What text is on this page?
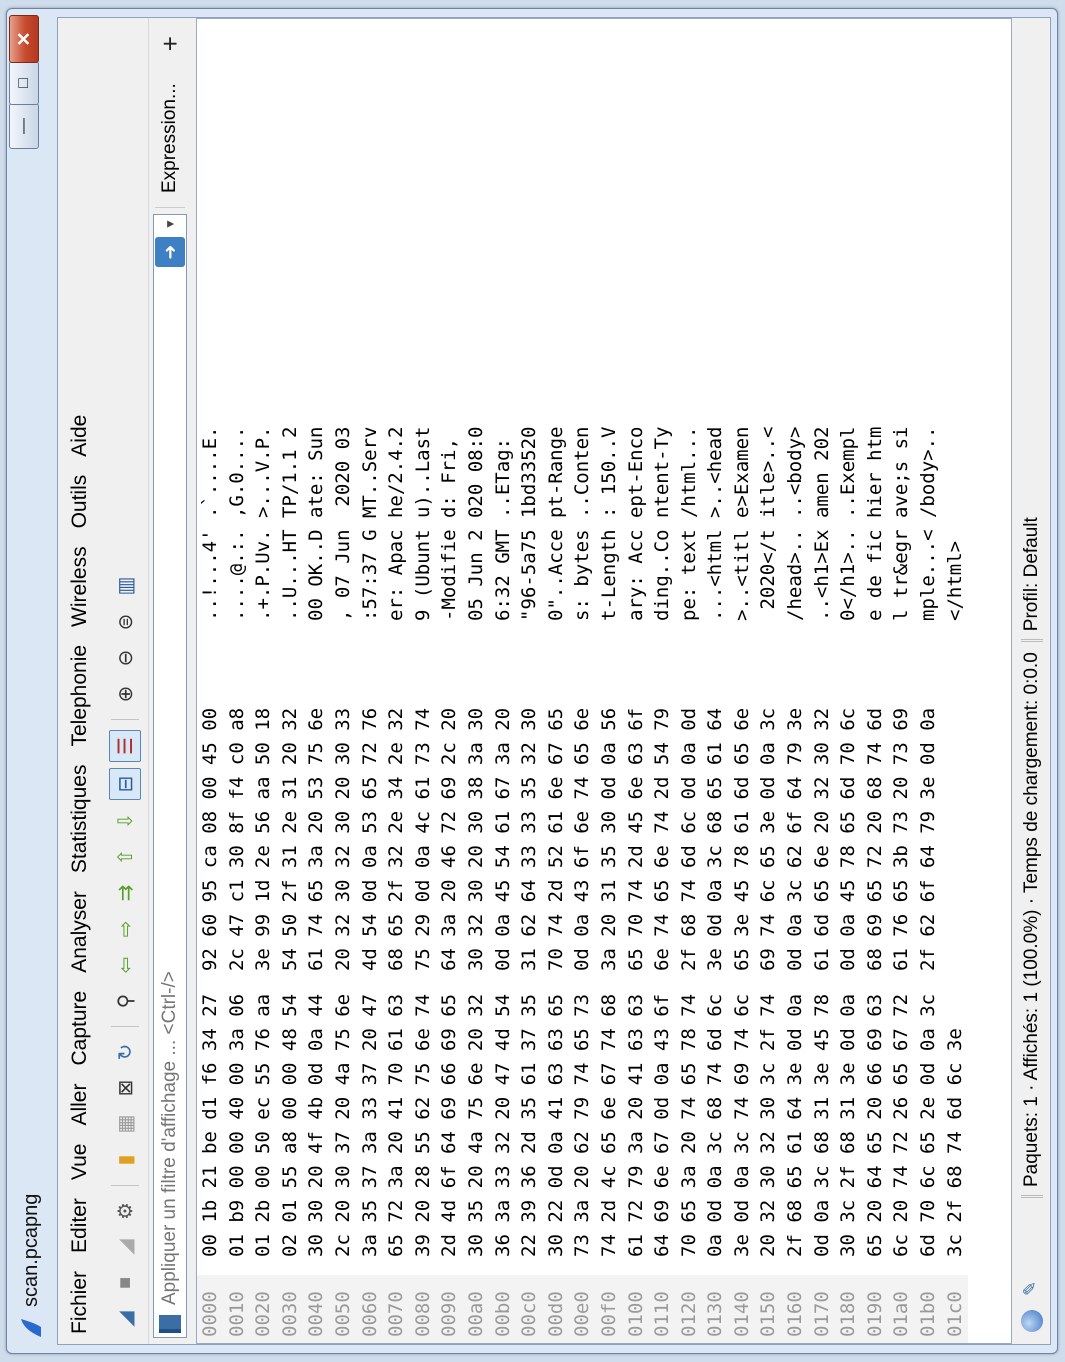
scan.pcapng
—
□
✕
Fichier
Editer
Vue
Aller
Capture
Analyser
Statistiques
Telephonie
Wireless
Outils
Aide
◢
■
◢
⚙
▮
▦
⊠
↻
⚲
⇦
⇨
⇉
⇧
⇩
⊟
☰
⊕
⊖
⊜
▥
Appliquer un filtre d'affichage ... <Ctrl-/>
➜
▼
Expression...
+
0000
00 1b 21 be d1 f6 34 27  92 60 95 ca 08 00 45 00
..!...4' .`....E.
0010
01 b9 00 00 40 00 3a 06  2c 47 c1 30 8f f4 c0 a8
....@.:. ,G.0....
0020
01 2b 00 50 ec 55 76 aa  3e 99 1d 2e 56 aa 50 18
.+.P.Uv. >...V.P.
0030
02 01 55 a8 00 00 48 54  54 50 2f 31 2e 31 20 32
..U...HT TP/1.1 2
0040
30 30 20 4f 4b 0d 0a 44  61 74 65 3a 20 53 75 6e
00 OK..D ate: Sun
0050
2c 20 30 37 20 4a 75 6e  20 32 30 32 30 20 30 33
, 07 Jun  2020 03
0060
3a 35 37 3a 33 37 20 47  4d 54 0d 0a 53 65 72 76
:57:37 G MT..Serv
0070
65 72 3a 20 41 70 61 63  68 65 2f 32 2e 34 2e 32
er: Apac he/2.4.2
0080
39 20 28 55 62 75 6e 74  75 29 0d 0a 4c 61 73 74
9 (Ubunt u)..Last
0090
2d 4d 6f 64 69 66 69 65  64 3a 20 46 72 69 2c 20
-Modifie d: Fri,
00a0
30 35 20 4a 75 6e 20 32  30 32 30 20 30 38 3a 30
05 Jun 2 020 08:0
00b0
36 3a 33 32 20 47 4d 54  0d 0a 45 54 61 67 3a 20
6:32 GMT ..ETag:
00c0
22 39 36 2d 35 61 37 35  31 62 64 33 33 35 32 30
"96-5a75 1bd33520
00d0
30 22 0d 0a 41 63 63 65  70 74 2d 52 61 6e 67 65
0"..Acce pt-Range
00e0
73 3a 20 62 79 74 65 73  0d 0a 43 6f 6e 74 65 6e
s: bytes ..Conten
00f0
74 2d 4c 65 6e 67 74 68  3a 20 31 35 30 0d 0a 56
t-Length : 150..V
0100
61 72 79 3a 20 41 63 63  65 70 74 2d 45 6e 63 6f
ary: Acc ept-Enco
0110
64 69 6e 67 0d 0a 43 6f  6e 74 65 6e 74 2d 54 79
ding..Co ntent-Ty
0120
70 65 3a 20 74 65 78 74  2f 68 74 6d 6c 0d 0a 0d
pe: text /html...
0130
0a 0d 0a 3c 68 74 6d 6c  3e 0d 0a 3c 68 65 61 64
...<html >..<head
0140
3e 0d 0a 3c 74 69 74 6c  65 3e 45 78 61 6d 65 6e
>..<titl e>Examen
0150
20 32 30 32 30 3c 2f 74  69 74 6c 65 3e 0d 0a 3c
2020</t itle>..<
0160
2f 68 65 61 64 3e 0d 0a  0d 0a 3c 62 6f 64 79 3e
/head>.. ..<body>
0170
0d 0a 3c 68 31 3e 45 78  61 6d 65 6e 20 32 30 32
..<h1>Ex amen 202
0180
30 3c 2f 68 31 3e 0d 0a  0d 0a 45 78 65 6d 70 6c
0</h1>.. ..Exempl
0190
65 20 64 65 20 66 69 63  68 69 65 72 20 68 74 6d
e de fic hier htm
01a0
6c 20 74 72 26 65 67 72  61 76 65 3b 73 20 73 69
l tr&egr ave;s si
01b0
6d 70 6c 65 2e 0d 0a 3c  2f 62 6f 64 79 3e 0d 0a
mple...< /body>..
01c0
3c 2f 68 74 6d 6c 3e
</html>
✎
Paquets: 1 · Affichés: 1 (100.0%) · Temps de chargement: 0:0.0
Profil: Default
